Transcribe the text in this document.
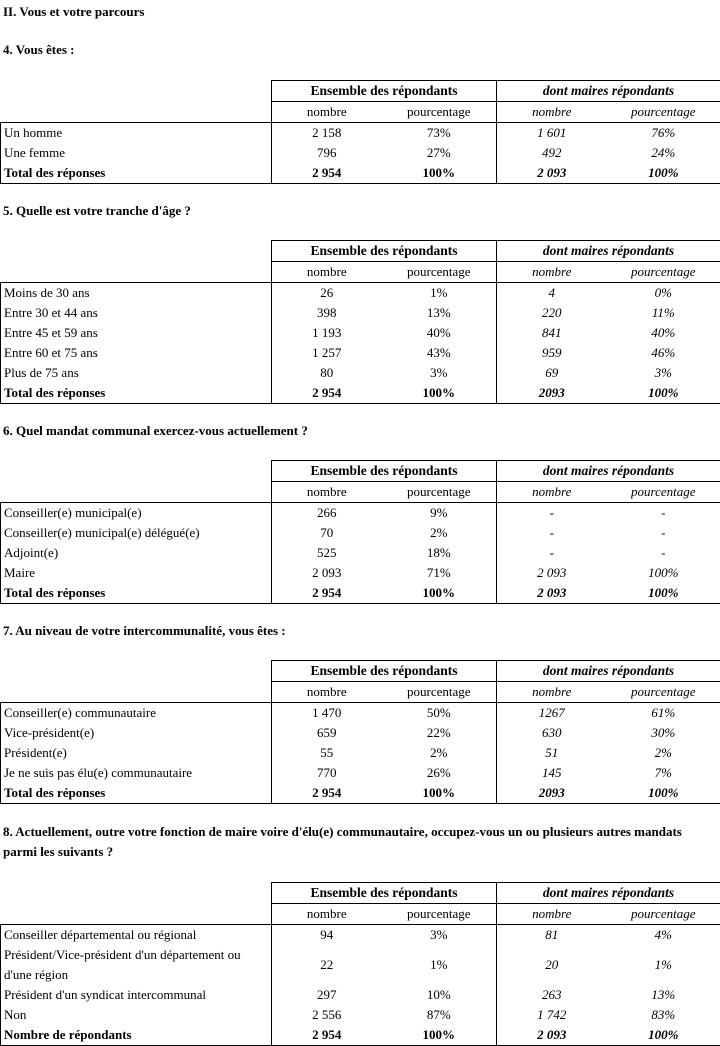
II. Vous et votre parcours

4. Vous êtes :

	Ensemble des répondants		dont maires répondants	
	nombre	pourcentage	nombre	pourcentage
Un homme	2 158	73%	1 601	76%
Une femme	796	27%	492	24%
Total des réponses	2 954	100%	2 093	100%

5. Quelle est votre tranche d'âge ?

	Ensemble des répondants		dont maires répondants	
	nombre	pourcentage	nombre	pourcentage
Moins de 30 ans	26	1%	4	0%
Entre 30 et 44 ans	398	13%	220	11%
Entre 45 et 59 ans	1 193	40%	841	40%
Entre 60 et 75 ans	1 257	43%	959	46%
Plus de 75 ans	80	3%	69	3%
Total des réponses	2 954	100%	2093	100%

6. Quel mandat communal exercez-vous actuellement ?

	Ensemble des répondants		dont maires répondants	
	nombre	pourcentage	nombre	pourcentage
Conseiller(e) municipal(e)	266	9%	-	-
Conseiller(e) municipal(e) délégué(e)	70	2%	-	-
Adjoint(e)	525	18%	-	-
Maire	2 093	71%	2 093	100%
Total des réponses	2 954	100%	2 093	100%

7. Au niveau de votre intercommunalité, vous êtes :

	Ensemble des répondants		dont maires répondants	
	nombre	pourcentage	nombre	pourcentage
Conseiller(e) communautaire	1 470	50%	1267	61%
Vice-président(e)	659	22%	630	30%
Président(e)	55	2%	51	2%
Je ne suis pas élu(e) communautaire	770	26%	145	7%
Total des réponses	2 954	100%	2093	100%

8. Actuellement, outre votre fonction de maire voire d'élu(e) communautaire, occupez-vous un ou plusieurs autres mandats parmi les suivants ?

	Ensemble des répondants		dont maires répondants	
	nombre	pourcentage	nombre	pourcentage
Conseiller départemental ou régional	94	3%	81	4%
Président/Vice-président d'un département ou d'une région	22	1%	20	1%
Président d'un syndicat intercommunal	297	10%	263	13%
Non	2 556	87%	1 742	83%
Nombre de répondants	2 954	100%	2 093	100%
